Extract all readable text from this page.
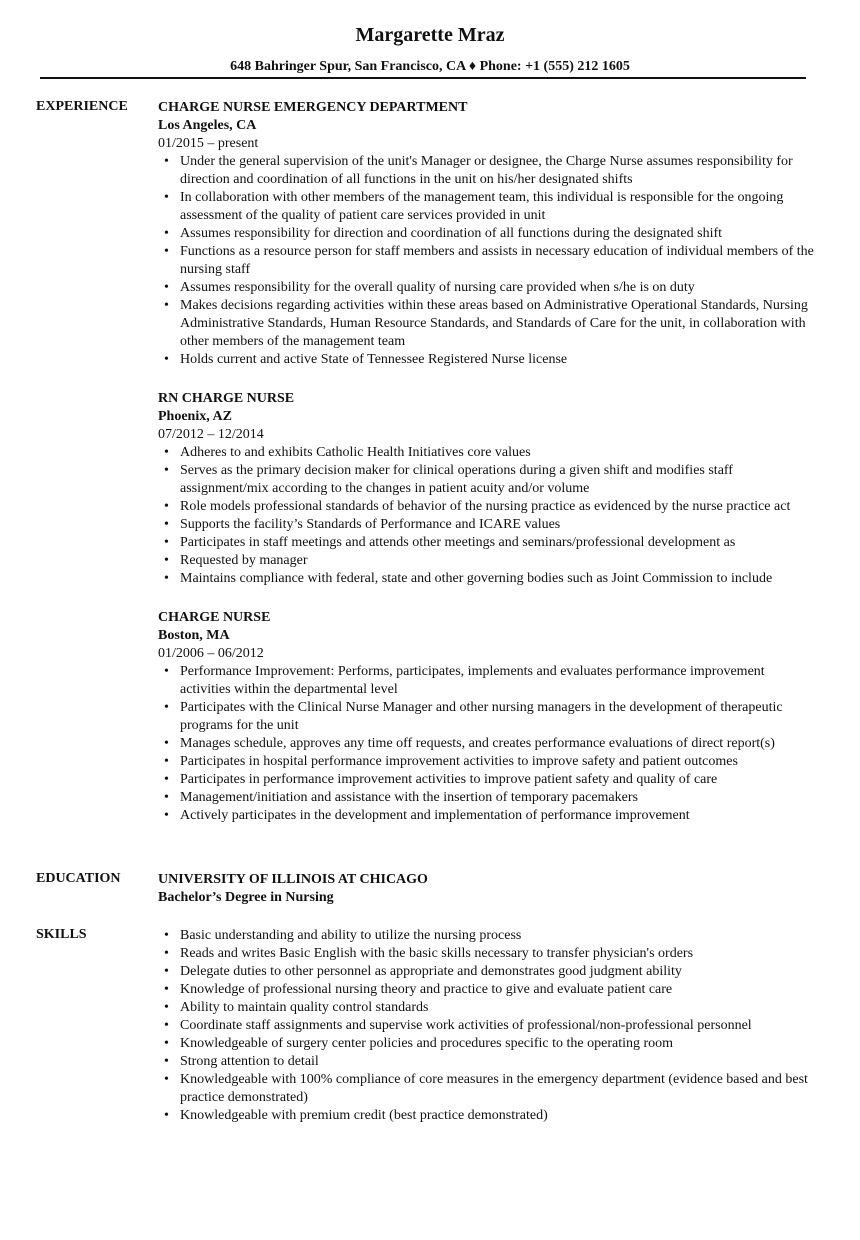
Margarette Mraz
648 Bahringer Spur, San Francisco, CA ♦ Phone: +1 (555) 212 1605
EXPERIENCE CHARGE NURSE EMERGENCY DEPARTMENT
Los Angeles, CA
01/2015 – present
• Under the general supervision of the unit's Manager or designee, the Charge Nurse assumes responsibility for direction and coordination of all functions in the unit on his/her designated shifts
• In collaboration with other members of the management team, this individual is responsible for the ongoing assessment of the quality of patient care services provided in unit
• Assumes responsibility for direction and coordination of all functions during the designated shift
• Functions as a resource person for staff members and assists in necessary education of individual members of the nursing staff
• Assumes responsibility for the overall quality of nursing care provided when s/he is on duty
• Makes decisions regarding activities within these areas based on Administrative Operational Standards, Nursing Administrative Standards, Human Resource Standards, and Standards of Care for the unit, in collaboration with other members of the management team
• Holds current and active State of Tennessee Registered Nurse license
RN CHARGE NURSE
Phoenix, AZ
07/2012 – 12/2014
• Adheres to and exhibits Catholic Health Initiatives core values
• Serves as the primary decision maker for clinical operations during a given shift and modifies staff assignment/mix according to the changes in patient acuity and/or volume
• Role models professional standards of behavior of the nursing practice as evidenced by the nurse practice act
• Supports the facility’s Standards of Performance and ICARE values
• Participates in staff meetings and attends other meetings and seminars/professional development as
• Requested by manager
• Maintains compliance with federal, state and other governing bodies such as Joint Commission to include
CHARGE NURSE
Boston, MA
01/2006 – 06/2012
• Performance Improvement: Performs, participates, implements and evaluates performance improvement activities within the departmental level
• Participates with the Clinical Nurse Manager and other nursing managers in the development of therapeutic programs for the unit
• Manages schedule, approves any time off requests, and creates performance evaluations of direct report(s)
• Participates in hospital performance improvement activities to improve safety and patient outcomes
• Participates in performance improvement activities to improve patient safety and quality of care
• Management/initiation and assistance with the insertion of temporary pacemakers
• Actively participates in the development and implementation of performance improvement
EDUCATION	UNIVERSITY OF ILLINOIS AT CHICAGO
Bachelor’s Degree in Nursing
SKILLS
•	Basic understanding and ability to utilize the nursing process
• Reads and writes Basic English with the basic skills necessary to transfer physician's orders
• Delegate duties to other personnel as appropriate and demonstrates good judgment ability
• Knowledge of professional nursing theory and practice to give and evaluate patient care
• Ability to maintain quality control standards
• Coordinate staff assignments and supervise work activities of professional/non-professional personnel
• Knowledgeable of surgery center policies and procedures specific to the operating room
• Strong attention to detail
• Knowledgeable with 100% compliance of core measures in the emergency department (evidence based and best practice demonstrated)
• Knowledgeable with premium credit (best practice demonstrated)
